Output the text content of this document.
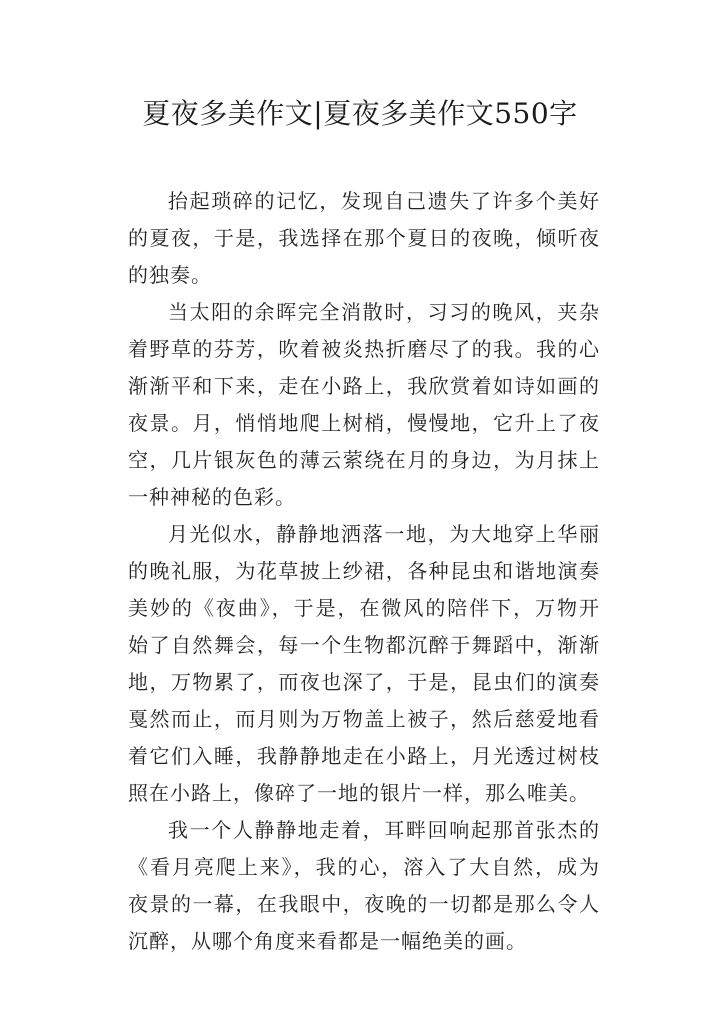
夏夜多美作文|夏夜多美作文550字

抬起琐碎的记忆，发现自己遗失了许多个美好的夏夜，于是，我选择在那个夏日的夜晚，倾听夜的独奏。

当太阳的余晖完全消散时，习习的晚风，夹杂着野草的芬芳，吹着被炎热折磨尽了的我。我的心渐渐平和下来，走在小路上，我欣赏着如诗如画的夜景。月，悄悄地爬上树梢，慢慢地，它升上了夜空，几片银灰色的薄云萦绕在月的身边，为月抹上一种神秘的色彩。

月光似水，静静地洒落一地，为大地穿上华丽的晚礼服，为花草披上纱裙，各种昆虫和谐地演奏美妙的《夜曲》，于是，在微风的陪伴下，万物开始了自然舞会，每一个生物都沉醉于舞蹈中，渐渐地，万物累了，而夜也深了，于是，昆虫们的演奏戛然而止，而月则为万物盖上被子，然后慈爱地看着它们入睡，我静静地走在小路上，月光透过树枝照在小路上，像碎了一地的银片一样，那么唯美。

我一个人静静地走着，耳畔回响起那首张杰的《看月亮爬上来》，我的心，溶入了大自然，成为夜景的一幕，在我眼中，夜晚的一切都是那么令人沉醉，从哪个角度来看都是一幅绝美的画。
